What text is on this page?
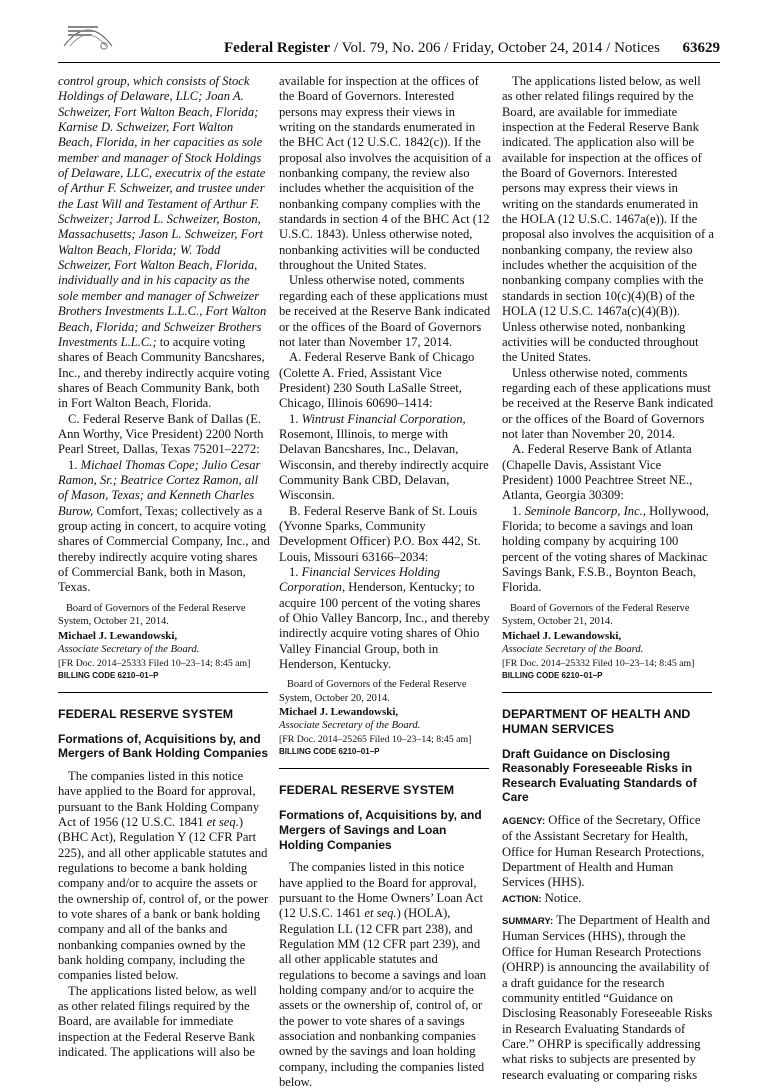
Federal Register / Vol. 79, No. 206 / Friday, October 24, 2014 / Notices 63629

control group, which consists of Stock Holdings of Delaware, LLC; Joan A. Schweizer, Fort Walton Beach, Florida; Karnise D. Schweizer, Fort Walton Beach, Florida, in her capacities as sole member and manager of Stock Holdings of Delaware, LLC, executrix of the estate of Arthur F. Schweizer, and trustee under the Last Will and Testament of Arthur F. Schweizer; Jarrod L. Schweizer, Boston, Massachusetts; Jason L. Schweizer, Fort Walton Beach, Florida; W. Todd Schweizer, Fort Walton Beach, Florida, individually and in his capacity as the sole member and manager of Schweizer Brothers Investments L.L.C., Fort Walton Beach, Florida; and Schweizer Brothers Investments L.L.C.; to acquire voting shares of Beach Community Bancshares, Inc., and thereby indirectly acquire voting shares of Beach Community Bank, both in Fort Walton Beach, Florida.

C. Federal Reserve Bank of Dallas (E. Ann Worthy, Vice President) 2200 North Pearl Street, Dallas, Texas 75201–2272:

1. Michael Thomas Cope; Julio Cesar Ramon, Sr.; Beatrice Cortez Ramon, all of Mason, Texas; and Kenneth Charles Burow, Comfort, Texas; collectively as a group acting in concert, to acquire voting shares of Commercial Company, Inc., and thereby indirectly acquire voting shares of Commercial Bank, both in Mason, Texas.

Board of Governors of the Federal Reserve System, October 21, 2014.

Michael J. Lewandowski,

Associate Secretary of the Board.

[FR Doc. 2014–25333 Filed 10–23–14; 8:45 am]

BILLING CODE 6210–01–P

FEDERAL RESERVE SYSTEM

Formations of, Acquisitions by, and Mergers of Bank Holding Companies

The companies listed in this notice have applied to the Board for approval, pursuant to the Bank Holding Company Act of 1956 (12 U.S.C. 1841 et seq.) (BHC Act), Regulation Y (12 CFR Part 225), and all other applicable statutes and regulations to become a bank holding company and/or to acquire the assets or the ownership of, control of, or the power to vote shares of a bank or bank holding company and all of the banks and nonbanking companies owned by the bank holding company, including the companies listed below.

The applications listed below, as well as other related filings required by the Board, are available for immediate inspection at the Federal Reserve Bank indicated. The applications will also be

available for inspection at the offices of the Board of Governors. Interested persons may express their views in writing on the standards enumerated in the BHC Act (12 U.S.C. 1842(c)). If the proposal also involves the acquisition of a nonbanking company, the review also includes whether the acquisition of the nonbanking company complies with the standards in section 4 of the BHC Act (12 U.S.C. 1843). Unless otherwise noted, nonbanking activities will be conducted throughout the United States.

Unless otherwise noted, comments regarding each of these applications must be received at the Reserve Bank indicated or the offices of the Board of Governors not later than November 17, 2014.

A. Federal Reserve Bank of Chicago (Colette A. Fried, Assistant Vice President) 230 South LaSalle Street, Chicago, Illinois 60690–1414:

1. Wintrust Financial Corporation, Rosemont, Illinois, to merge with Delavan Bancshares, Inc., Delavan, Wisconsin, and thereby indirectly acquire Community Bank CBD, Delavan, Wisconsin.

B. Federal Reserve Bank of St. Louis (Yvonne Sparks, Community Development Officer) P.O. Box 442, St. Louis, Missouri 63166–2034:

1. Financial Services Holding Corporation, Henderson, Kentucky; to acquire 100 percent of the voting shares of Ohio Valley Bancorp, Inc., and thereby indirectly acquire voting shares of Ohio Valley Financial Group, both in Henderson, Kentucky.

Board of Governors of the Federal Reserve System, October 20, 2014.

Michael J. Lewandowski,

Associate Secretary of the Board.

[FR Doc. 2014–25265 Filed 10–23–14; 8:45 am]

BILLING CODE 6210–01–P

FEDERAL RESERVE SYSTEM

Formations of, Acquisitions by, and Mergers of Savings and Loan Holding Companies

The companies listed in this notice have applied to the Board for approval, pursuant to the Home Owners’ Loan Act (12 U.S.C. 1461 et seq.) (HOLA), Regulation LL (12 CFR part 238), and Regulation MM (12 CFR part 239), and all other applicable statutes and regulations to become a savings and loan holding company and/or to acquire the assets or the ownership of, control of, or the power to vote shares of a savings association and nonbanking companies owned by the savings and loan holding company, including the companies listed below.

The applications listed below, as well as other related filings required by the Board, are available for immediate inspection at the Federal Reserve Bank indicated. The application also will be available for inspection at the offices of the Board of Governors. Interested persons may express their views in writing on the standards enumerated in the HOLA (12 U.S.C. 1467a(e)). If the proposal also involves the acquisition of a nonbanking company, the review also includes whether the acquisition of the nonbanking company complies with the standards in section 10(c)(4)(B) of the HOLA (12 U.S.C. 1467a(c)(4)(B)). Unless otherwise noted, nonbanking activities will be conducted throughout the United States.

Unless otherwise noted, comments regarding each of these applications must be received at the Reserve Bank indicated or the offices of the Board of Governors not later than November 20, 2014.

A. Federal Reserve Bank of Atlanta (Chapelle Davis, Assistant Vice President) 1000 Peachtree Street NE., Atlanta, Georgia 30309:

1. Seminole Bancorp, Inc., Hollywood, Florida; to become a savings and loan holding company by acquiring 100 percent of the voting shares of Mackinac Savings Bank, F.S.B., Boynton Beach, Florida.

Board of Governors of the Federal Reserve System, October 21, 2014.

Michael J. Lewandowski,

Associate Secretary of the Board.

[FR Doc. 2014–25332 Filed 10–23–14; 8:45 am]

BILLING CODE 6210–01–P

DEPARTMENT OF HEALTH AND HUMAN SERVICES

Draft Guidance on Disclosing Reasonably Foreseeable Risks in Research Evaluating Standards of Care

AGENCY: Office of the Secretary, Office of the Assistant Secretary for Health, Office for Human Research Protections, Department of Health and Human Services (HHS).

ACTION: Notice.

SUMMARY: The Department of Health and Human Services (HHS), through the Office for Human Research Protections (OHRP) is announcing the availability of a draft guidance for the research community entitled “Guidance on Disclosing Reasonably Foreseeable Risks in Research Evaluating Standards of Care.” OHRP is specifically addressing what risks to subjects are presented by research evaluating or comparing risks
